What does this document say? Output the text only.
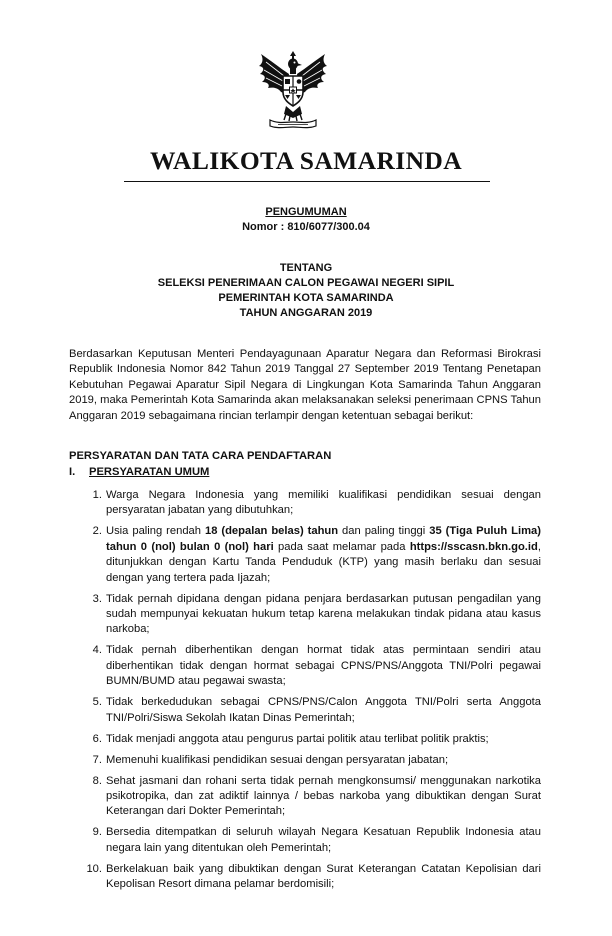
WALIKOTA SAMARINDA
PENGUMUMAN
Nomor : 810/6077/300.04
TENTANG
SELEKSI PENERIMAAN CALON PEGAWAI NEGERI SIPIL
PEMERINTAH KOTA SAMARINDA
TAHUN ANGGARAN 2019
Berdasarkan Keputusan Menteri Pendayagunaan Aparatur Negara dan Reformasi Birokrasi Republik Indonesia Nomor 842 Tahun 2019 Tanggal 27 September 2019 Tentang Penetapan Kebutuhan Pegawai Aparatur Sipil Negara di Lingkungan Kota Samarinda Tahun Anggaran 2019, maka Pemerintah Kota Samarinda akan melaksanakan seleksi penerimaan CPNS Tahun Anggaran 2019 sebagaimana rincian terlampir dengan ketentuan sebagai berikut:
PERSYARATAN DAN TATA CARA PENDAFTARAN
I. PERSYARATAN UMUM
1. Warga Negara Indonesia yang memiliki kualifikasi pendidikan sesuai dengan persyaratan jabatan yang dibutuhkan;
2. Usia paling rendah 18 (depalan belas) tahun dan paling tinggi 35 (Tiga Puluh Lima) tahun 0 (nol) bulan 0 (nol) hari pada saat melamar pada https://sscasn.bkn.go.id, ditunjukkan dengan Kartu Tanda Penduduk (KTP) yang masih berlaku dan sesuai dengan yang tertera pada Ijazah;
3. Tidak pernah dipidana dengan pidana penjara berdasarkan putusan pengadilan yang sudah mempunyai kekuatan hukum tetap karena melakukan tindak pidana atau kasus narkoba;
4. Tidak pernah diberhentikan dengan hormat tidak atas permintaan sendiri atau diberhentikan tidak dengan hormat sebagai CPNS/PNS/Anggota TNI/Polri pegawai BUMN/BUMD atau pegawai swasta;
5. Tidak berkedudukan sebagai CPNS/PNS/Calon Anggota TNI/Polri serta Anggota TNI/Polri/Siswa Sekolah Ikatan Dinas Pemerintah;
6. Tidak menjadi anggota atau pengurus partai politik atau terlibat politik praktis;
7. Memenuhi kualifikasi pendidikan sesuai dengan persyaratan jabatan;
8. Sehat jasmani dan rohani serta tidak pernah mengkonsumsi/ menggunakan narkotika psikotropika, dan zat adiktif lainnya / bebas narkoba yang dibuktikan dengan Surat Keterangan dari Dokter Pemerintah;
9. Bersedia ditempatkan di seluruh wilayah Negara Kesatuan Republik Indonesia atau negara lain yang ditentukan oleh Pemerintah;
10. Berkelakuan baik yang dibuktikan dengan Surat Keterangan Catatan Kepolisian dari Kepolisan Resort dimana pelamar berdomisili;
